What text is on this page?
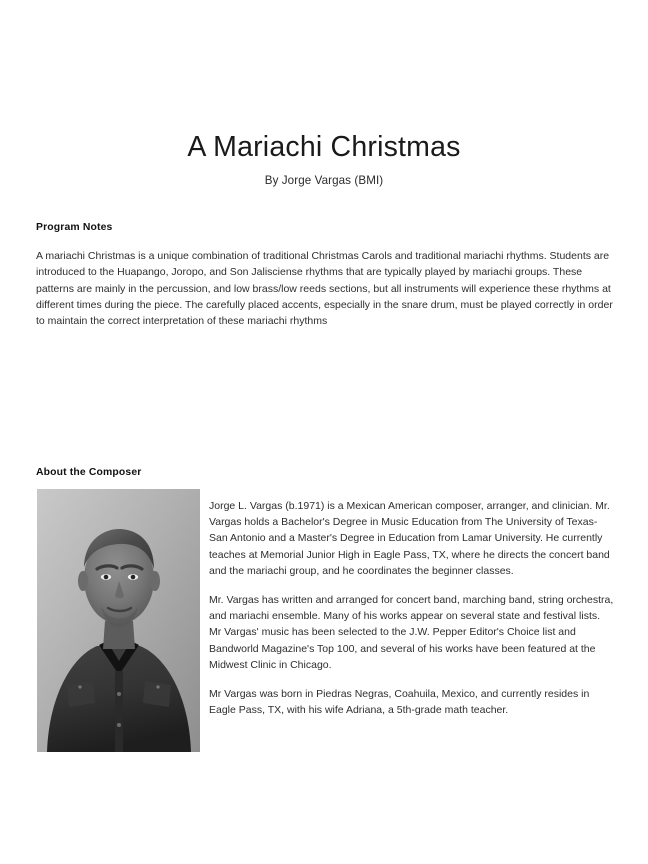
A Mariachi Christmas

By Jorge Vargas (BMI)

Program Notes
A mariachi Christmas is a unique combination of traditional Christmas Carols and traditional mariachi rhythms. Students are introduced to the Huapango, Joropo, and Son Jalisciense rhythms that are typically played by mariachi groups. These patterns are mainly in the percussion, and low brass/low reeds sections, but all instruments will experience these rhythms at different times during the piece. The carefully placed accents, especially in the snare drum, must be played correctly in order to maintain the correct interpretation of these mariachi rhythms
About the Composer

Jorge L. Vargas (b.1971) is a Mexican American composer, arranger, and clinician. Mr. Vargas holds a Bachelor's Degree in Music Education from The University of Texas-San Antonio and a Master's Degree in Education from Lamar University. He currently teaches at Memorial Junior High in Eagle Pass, TX, where he directs the concert band and the mariachi group, and he coordinates the beginner classes.

Mr. Vargas has written and arranged for concert band, marching band, string orchestra, and mariachi ensemble. Many of his works appear on several state and festival lists. Mr Vargas' music has been selected to the J.W. Pepper Editor's Choice list and Bandworld Magazine's Top 100, and several of his works have been featured at the Midwest Clinic in Chicago.

Mr Vargas was born in Piedras Negras, Coahuila, Mexico, and currently resides in Eagle Pass, TX, with his wife Adriana, a 5th-grade math teacher.
